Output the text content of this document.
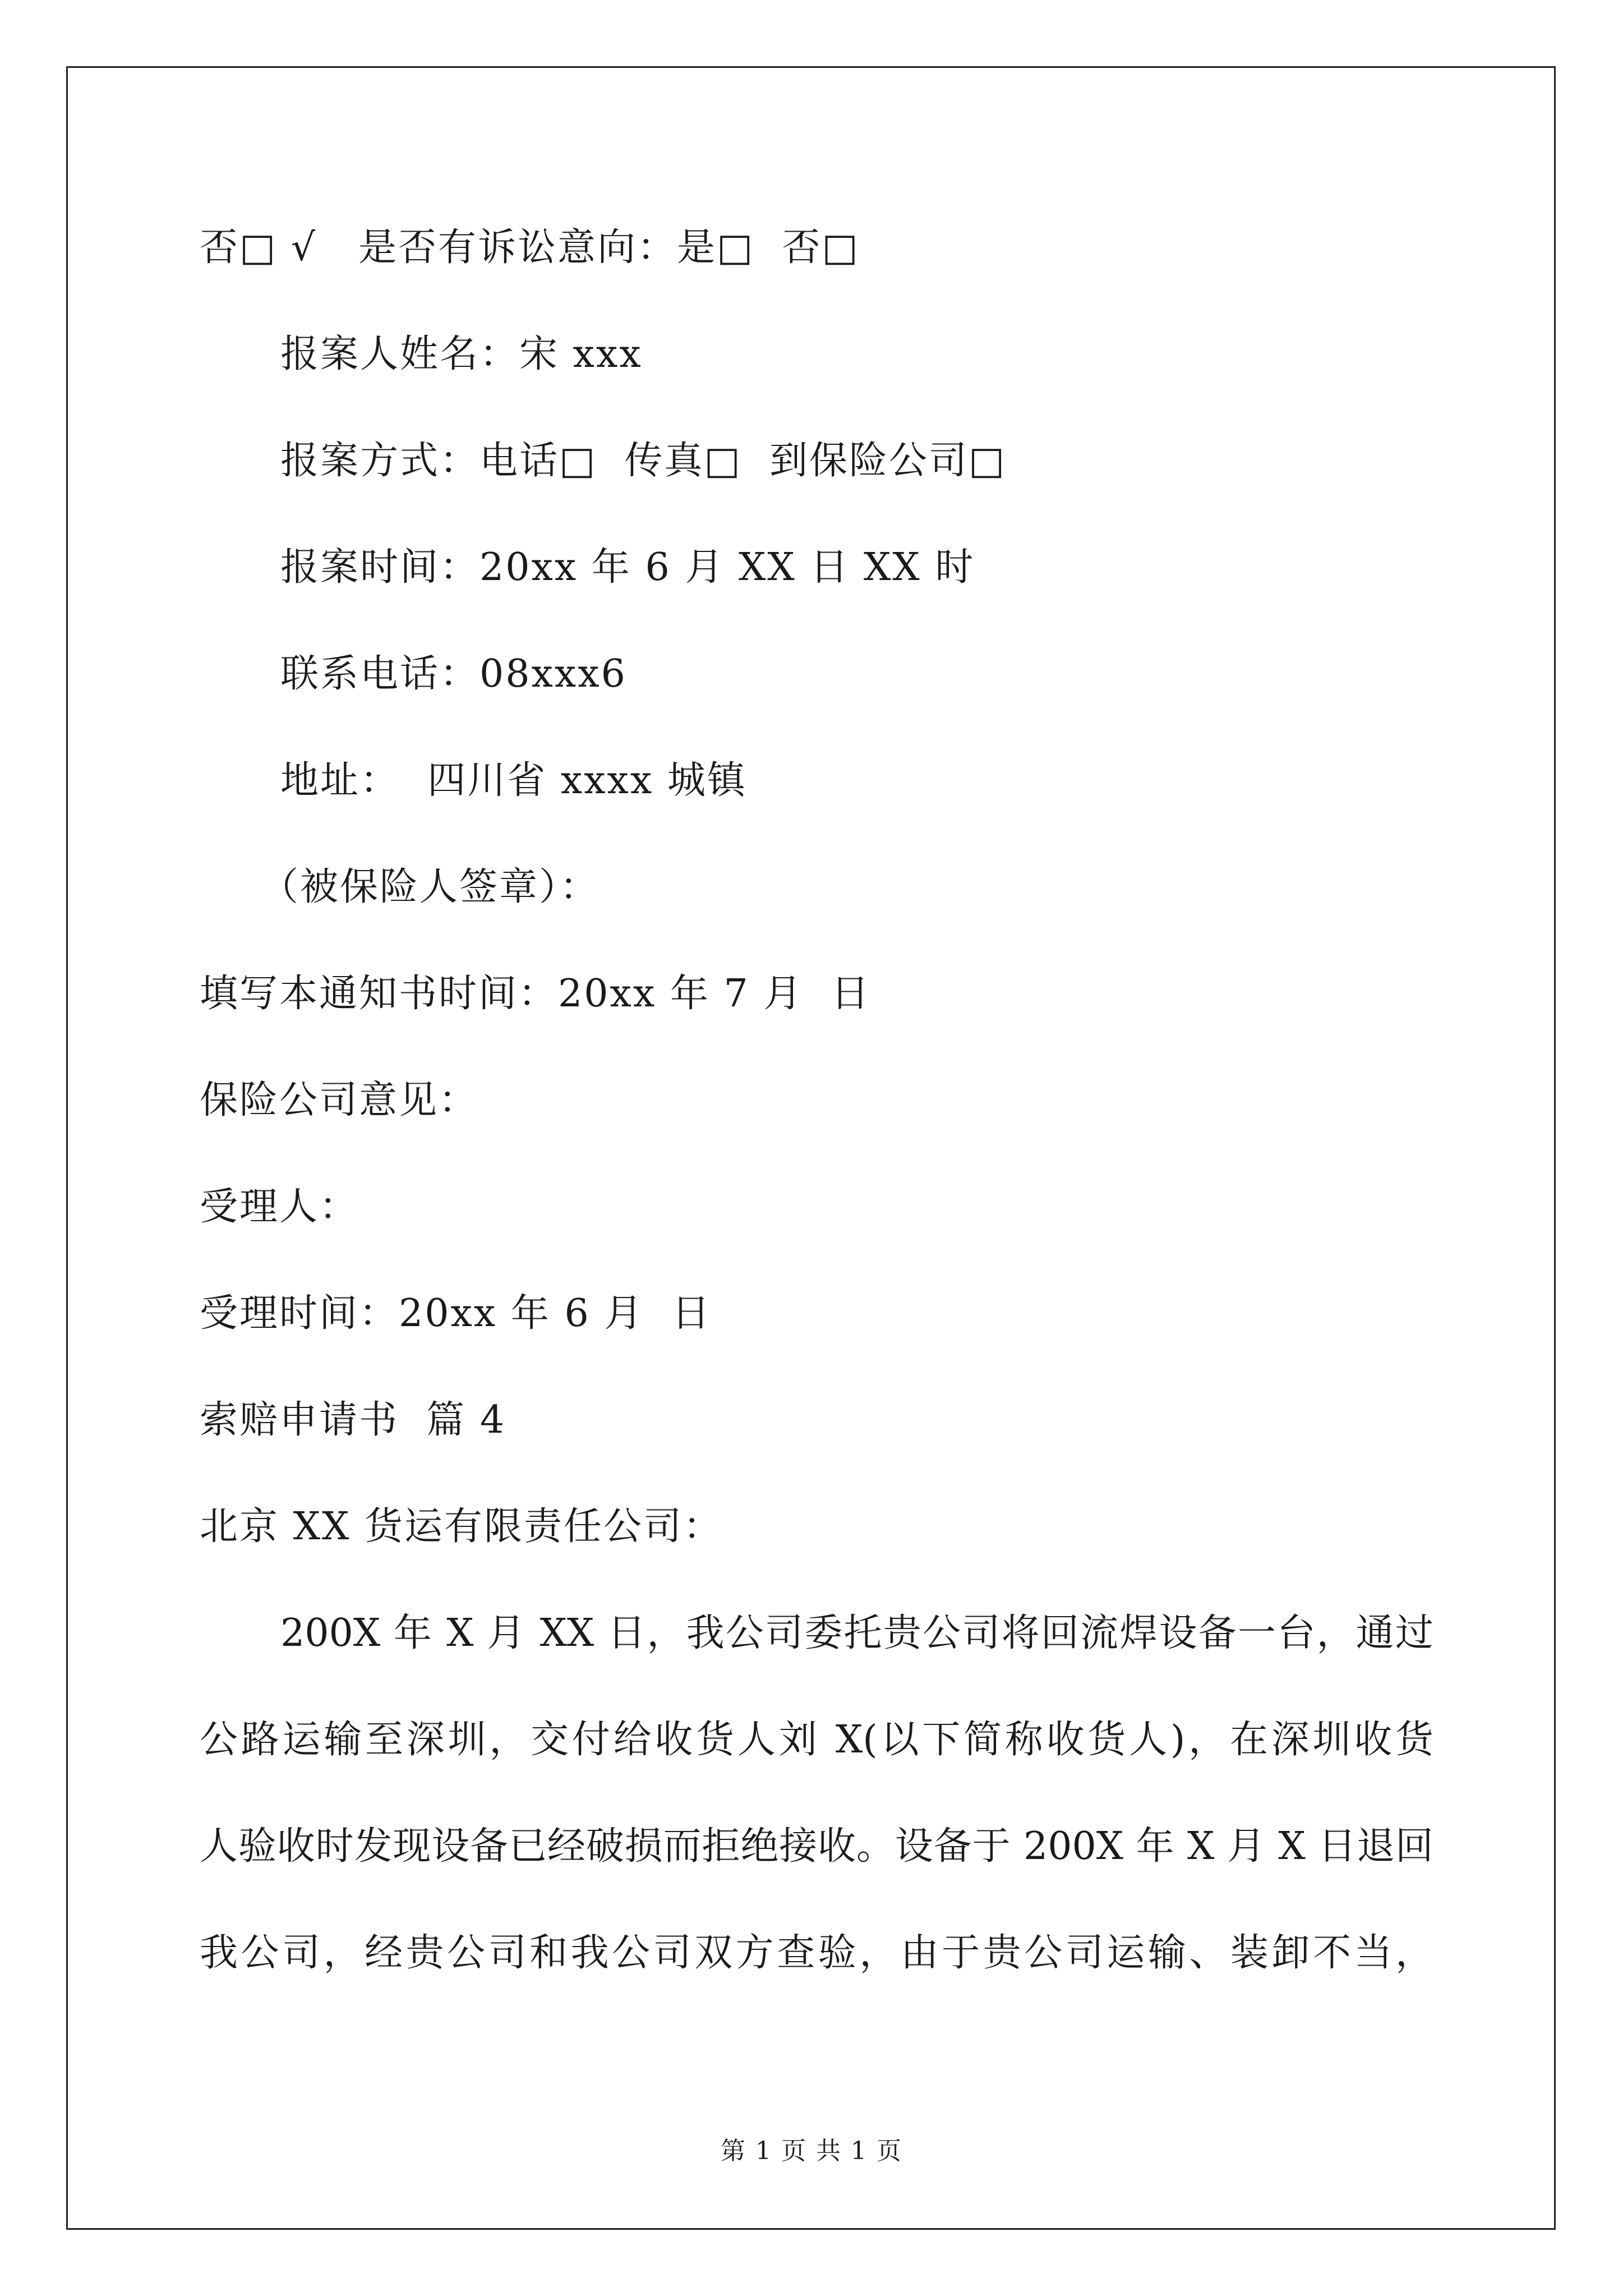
否□ √   是否有诉讼意向：是□  否□
报案人姓名：宋 xxx
报案方式：电话□  传真□  到保险公司□
报案时间：20xx 年 6 月 XX 日 XX 时
联系电话：08xxx6
地址：  四川省 xxxx 城镇
（被保险人签章）：
填写本通知书时间：20xx 年 7 月  日
保险公司意见：
受理人：
受理时间：20xx 年 6 月  日
索赔申请书  篇 4
北京 XX 货运有限责任公司：
200X 年 X 月 XX 日，我公司委托贵公司将回流焊设备一台，通过
公路运输至深圳，交付给收货人刘 X(以下简称收货人)，在深圳收货
人验收时发现设备已经破损而拒绝接收。设备于 200X 年 X 月 X 日退回
我公司，经贵公司和我公司双方查验，由于贵公司运输、装卸不当，
第 1 页 共 1 页
